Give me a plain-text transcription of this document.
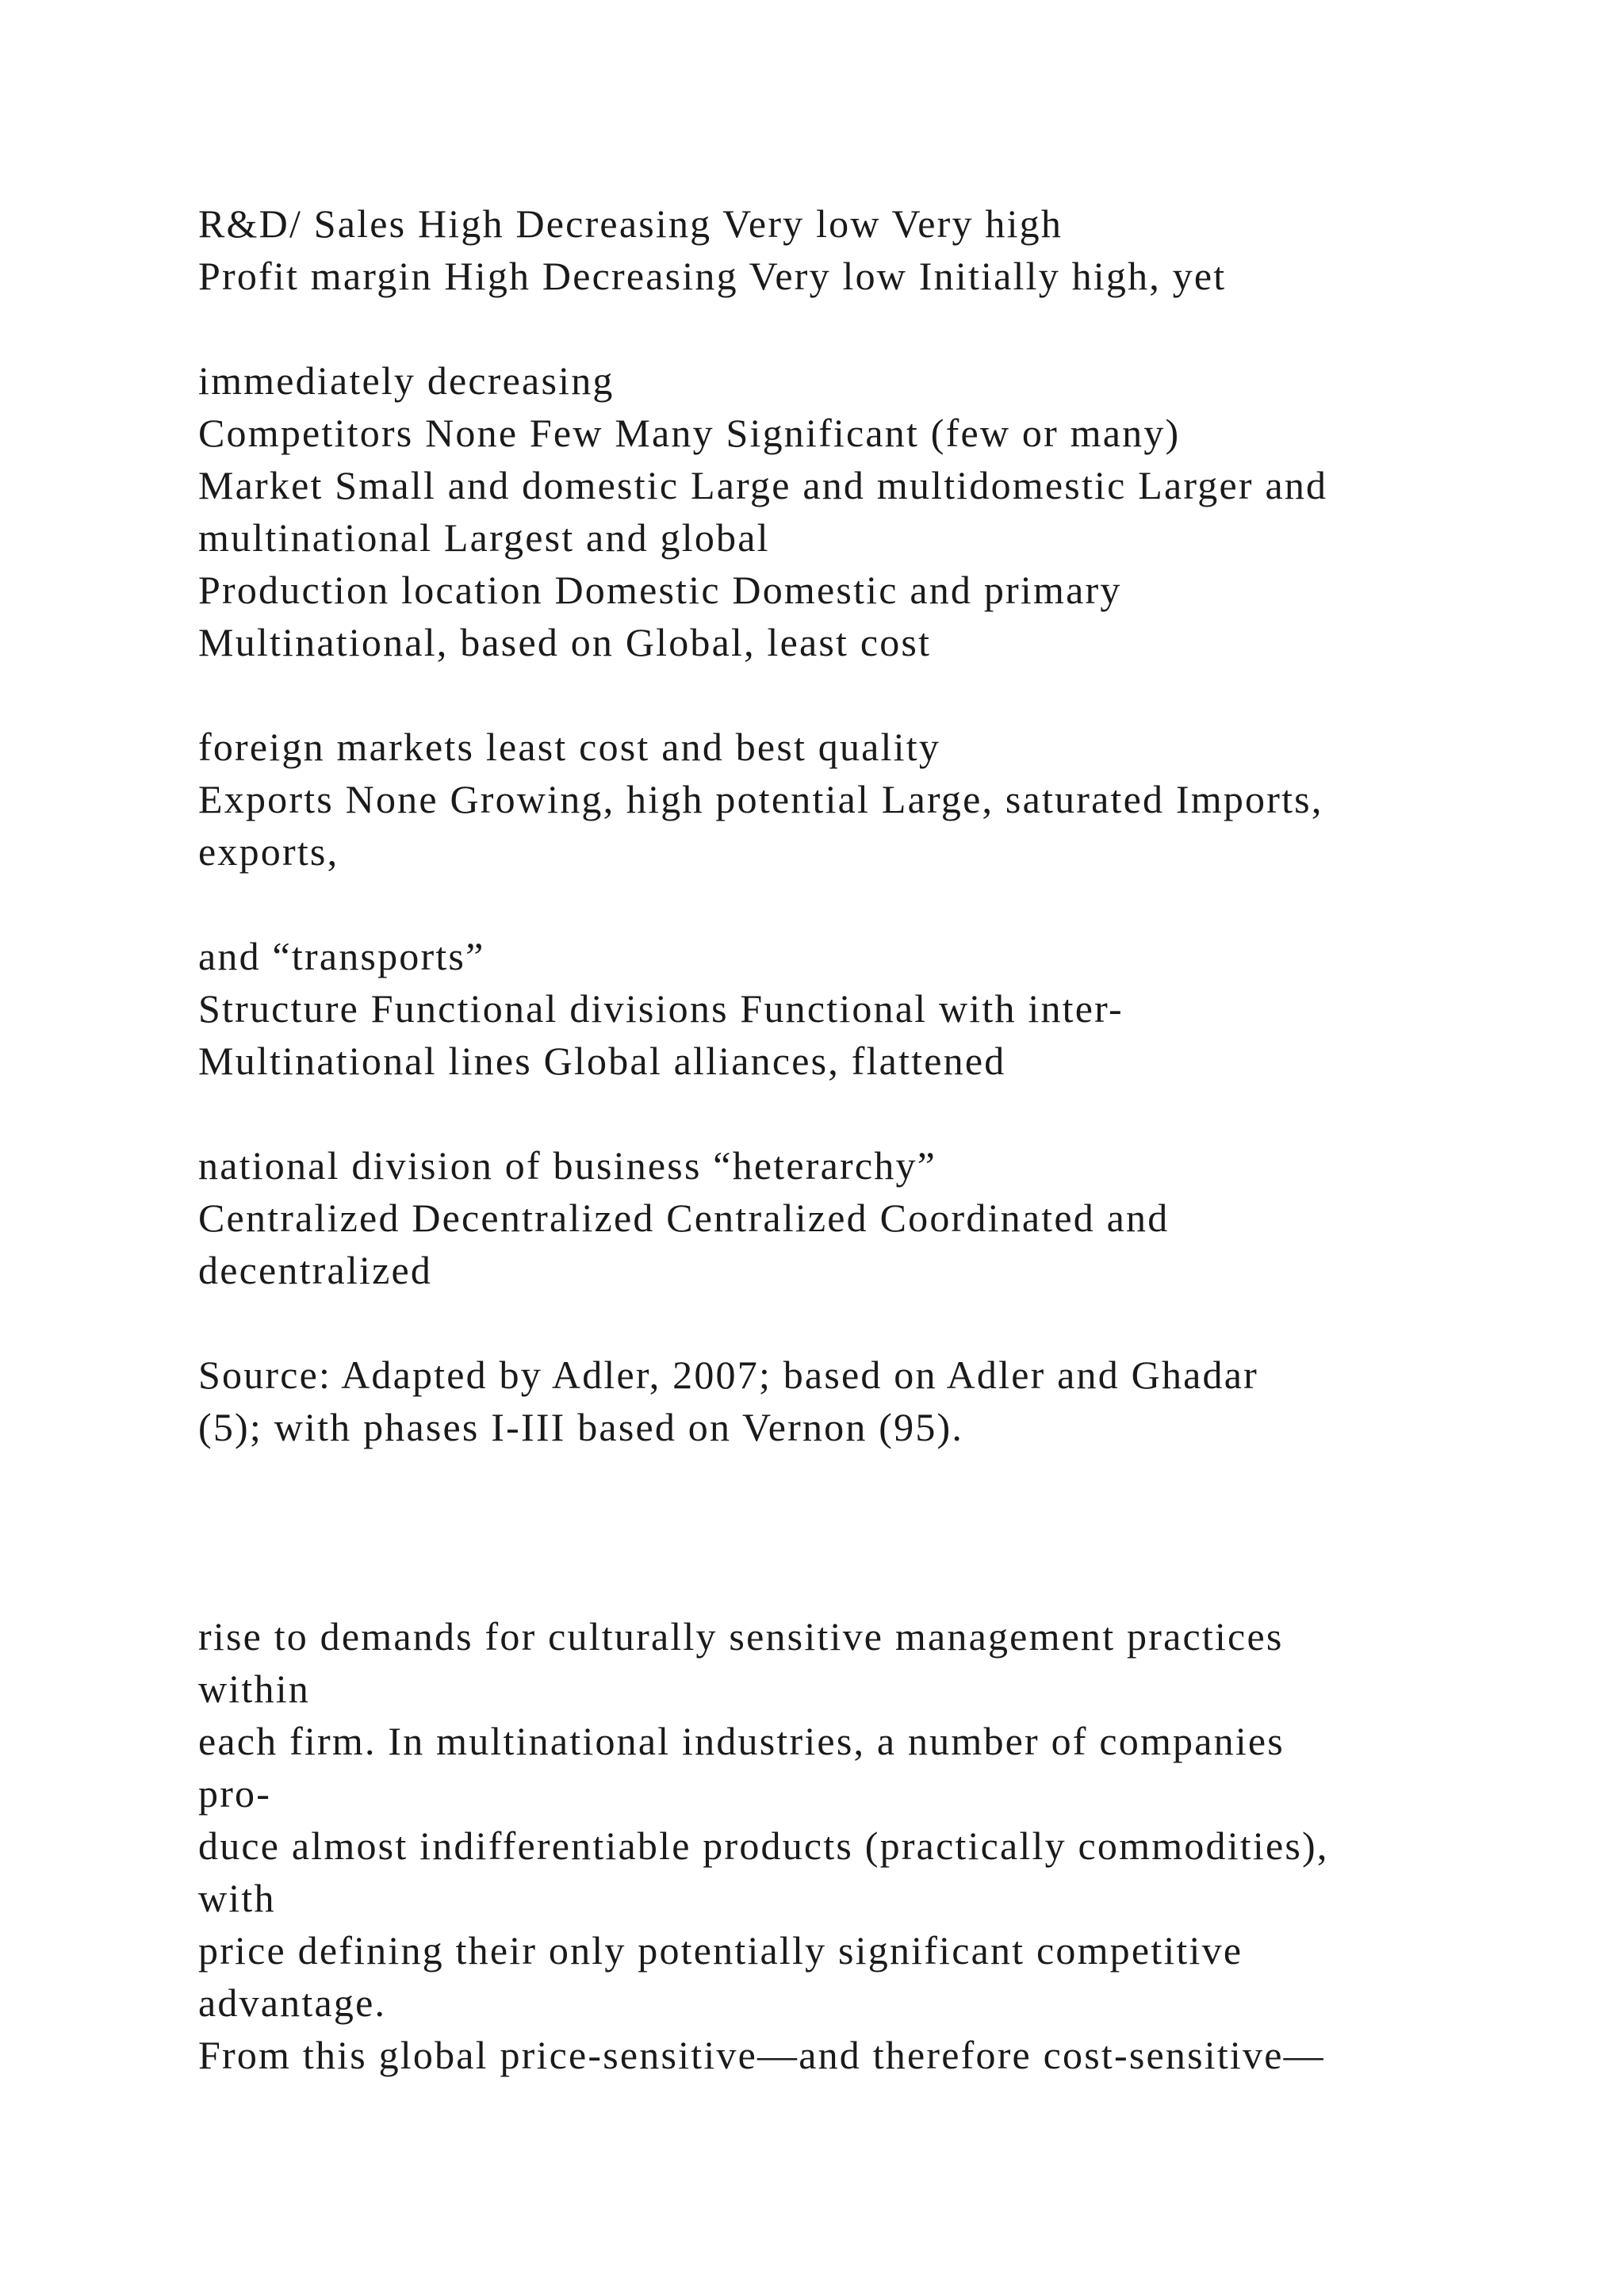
R&D/ Sales High Decreasing Very low Very high

Profit margin High Decreasing Very low Initially high, yet

immediately decreasing

Competitors None Few Many Significant (few or many)

Market Small and domestic Large and multidomestic Larger and

multinational Largest and global

Production location Domestic Domestic and primary

Multinational, based on Global, least cost

foreign markets least cost and best quality

Exports None Growing, high potential Large, saturated Imports,

exports,

and “transports”

Structure Functional divisions Functional with inter-

Multinational lines Global alliances, flattened

national division of business “heterarchy”

Centralized Decentralized Centralized Coordinated and

decentralized

Source: Adapted by Adler, 2007; based on Adler and Ghadar

(5); with phases I-III based on Vernon (95).

rise to demands for culturally sensitive management practices

within

each firm. In multinational industries, a number of companies

pro-

duce almost indifferentiable products (practically commodities),

with

price defining their only potentially significant competitive

advantage.

From this global price-sensitive—and therefore cost-sensitive—
